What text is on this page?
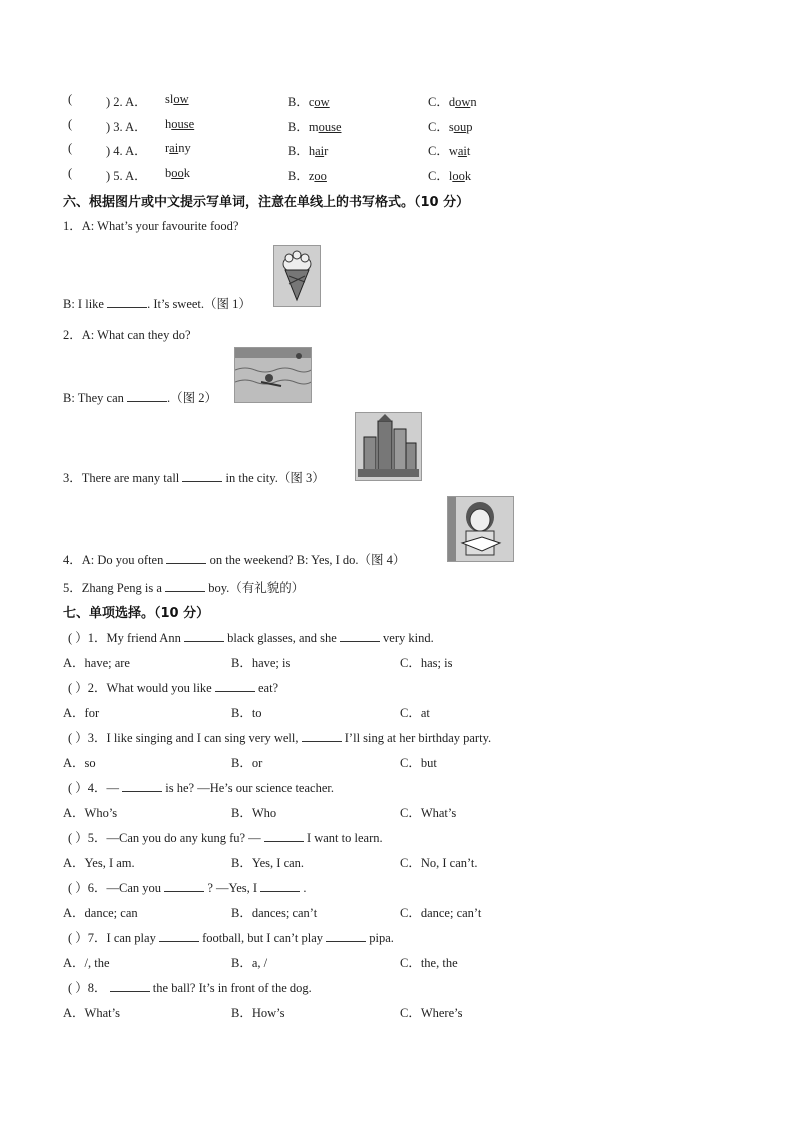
(	) 2. A． slow	B．cow	C．down
(	) 3. A． house	B．mouse	C．soup
(	) 4. A． rainy	B．hair	C．wait
(	) 5. A． book	B．zoo	C．look
六、根据图片或中文提示写单词，注意在单线上的书写格式。（10 分）
1．A: What’s your favourite food?
B: I like	. It’s sweet.（图 1）
2．A: What can they do?
B: They can	.（图 2）
3．There are many tall	in the city.（图 3）
4．A: Do you often	on the weekend? B: Yes, I do.（图 4）
5．Zhang Peng is a	boy.（有礼貌的）
七、单项选择。（10 分）
( ）1．My friend Ann	black glasses, and she	very kind.
A．have; are	B．have; is	C．has; is
( ）2．What would you like	eat?
A．for	B．to	C．at
( ）3．I like singing and I can sing very well,	I’ll sing at her birthday party.
A．so	B．or	C．but
( ）4．—	is he? —He’s our science teacher.
A．Who’s	B．Who	C．What’s
( ）5．—Can you do any kung fu? —	I want to learn.
A．Yes, I am.	B．Yes, I can.	C．No, I can’t.
( ）6．—Can you	? —Yes, I	.
A．dance; can	B．dances; can’t	C．dance; can’t
( ）7．I can play	football, but I can’t play	pipa.
A．/, the	B．a, /	C．the, the
( ）8．	the ball? It’s in front of the dog.
A．What’s	B．How’s	C．Where’s
